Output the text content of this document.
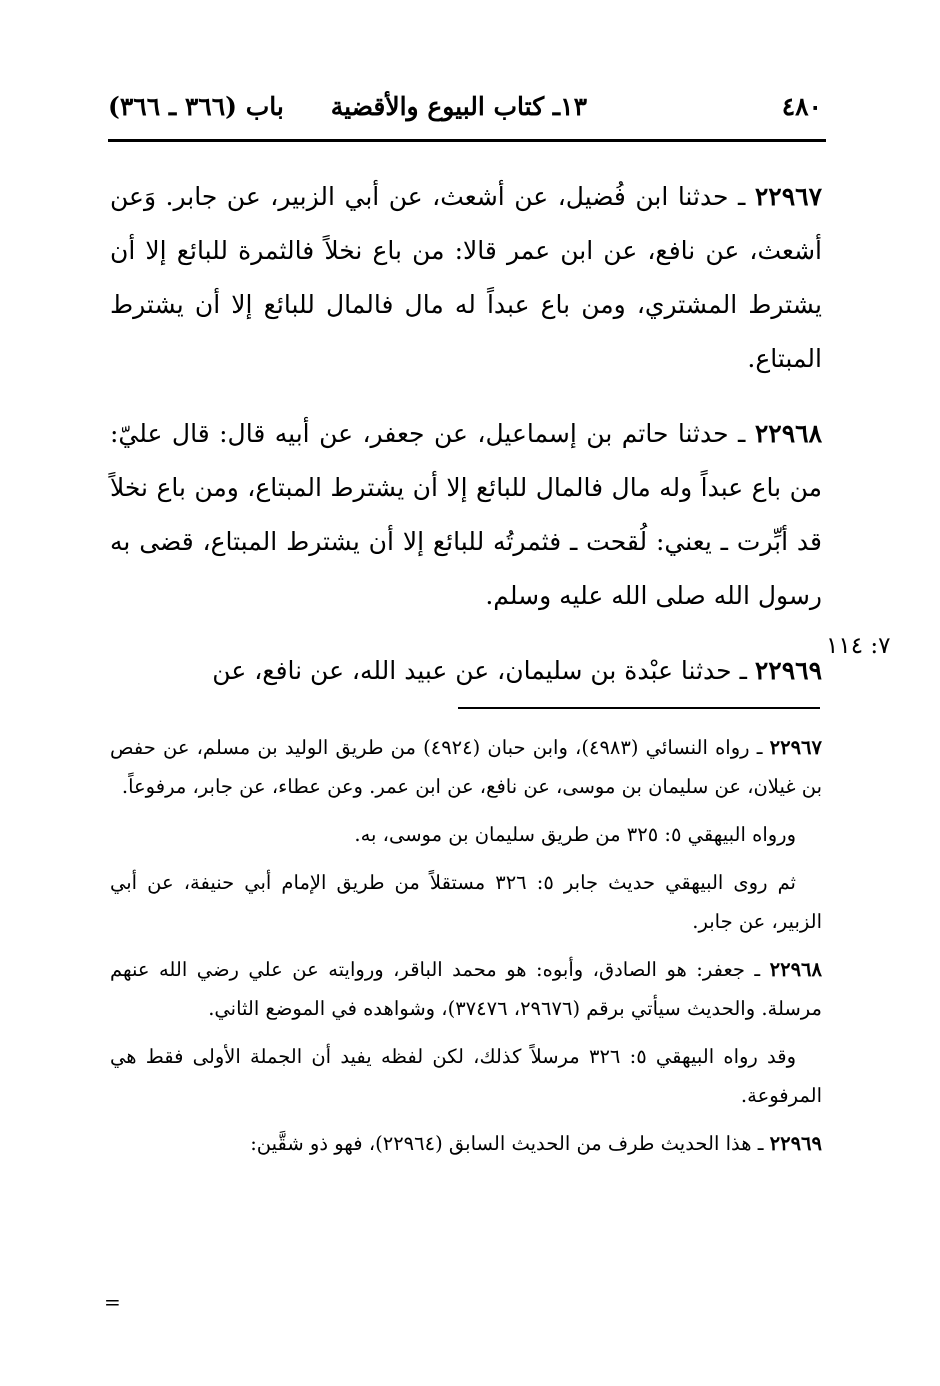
٤٨٠
١٣ـ كتاب البيوع والأقضية
باب (٣٦٦ ـ ٣٦٦)

٢٢٩٦٧ ـ حدثنا ابن فُضيل، عن أشعث، عن أبي الزبير، عن جابر. وَعن أشعث، عن نافع، عن ابن عمر قالا: من باع نخلاً فالثمرة للبائع إلا أن يشترط المشتري، ومن باع عبداً له مال فالمال للبائع إلا أن يشترط المبتاع.

٢٢٩٦٨ ـ حدثنا حاتم بن إسماعيل، عن جعفر، عن أبيه قال: قال عليّ: من باع عبداً وله مال فالمال للبائع إلا أن يشترط المبتاع، ومن باع نخلاً قد أبِّرت ـ يعني: لُقحت ـ فثمرتُه للبائع إلا أن يشترط المبتاع، قضى به رسول الله صلى الله عليه وسلم.

٢٢٩٦٩ ـ حدثنا عبْدة بن سليمان، عن عبيد الله، عن نافع، عن

٧: ١١٤

٢٢٩٦٧ ـ رواه النسائي (٤٩٨٣)، وابن حبان (٤٩٢٤) من طريق الوليد بن مسلم، عن حفص بن غيلان، عن سليمان بن موسى، عن نافع، عن ابن عمر. وعن عطاء، عن جابر، مرفوعاً.

ورواه البيهقي ٥: ٣٢٥ من طريق سليمان بن موسى، به.

ثم روى البيهقي حديث جابر ٥: ٣٢٦ مستقلاً من طريق الإمام أبي حنيفة، عن أبي الزبير، عن جابر.

٢٢٩٦٨ ـ جعفر: هو الصادق، وأبوه: هو محمد الباقر، وروايته عن علي رضي الله عنهم مرسلة. والحديث سيأتي برقم (٢٩٦٧٦، ٣٧٤٧٦)، وشواهده في الموضع الثاني.

وقد رواه البيهقي ٥: ٣٢٦ مرسلاً كذلك، لكن لفظه يفيد أن الجملة الأولى فقط هي المرفوعة.

٢٢٩٦٩ ـ هذا الحديث طرف من الحديث السابق (٢٢٩٦٤)، فهو ذو شقَّين:

=
